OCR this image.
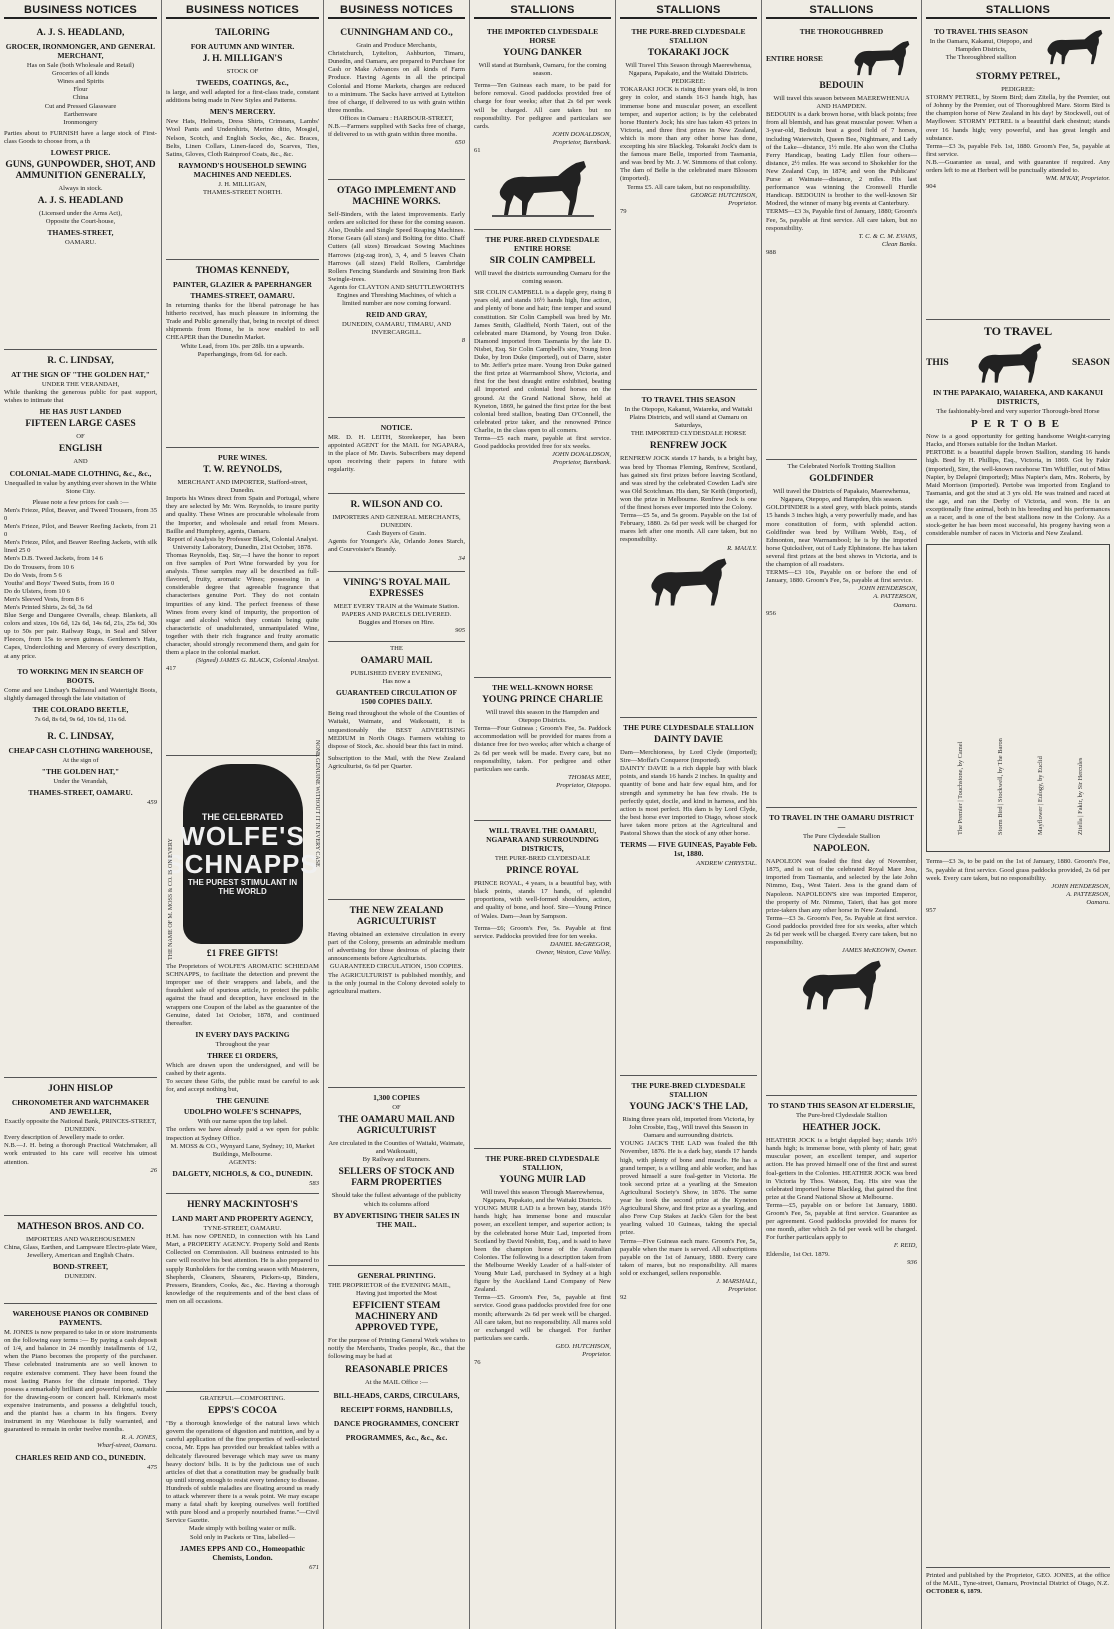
BUSINESS NOTICES
A. J. S. HEADLAND,
GROCER, IRONMONGER, AND GENERAL MERCHANT,
Has on Sale (both Wholesale and Retail)
Groceries of all kinds
Wines and Spirits
Flour
China
Cut and Pressed Glassware
Earthenware
Ironmongery
Parties about to FURNISH have a large stock of First-class Goods to choose from, a th
LOWEST PRICE.
GUNS, GUNPOWDER, SHOT, AND AMMUNITION GENERALLY,
Always in stock.
A. J. S. HEADLAND
(Licensed under the Arms Act),
Opposite the Court-house,
THAMES-STREET,
OAMARU.
R. C. LINDSAY,
AT THE SIGN OF "THE GOLDEN HAT,"
UNDER THE VERANDAH,
While thanking the generous public for past support, wishes to intimate that
HE HAS JUST LANDED
FIFTEEN LARGE CASES
OF
ENGLISH
AND
COLONIAL-MADE CLOTHING, &c., &c.,
Unequalled in value by anything ever shown in the White Stone City.
Please note a few prices for cash :—
Men's Frieze, Pilot, Beaver, and Tweed Trousers, from 35 0
Men's Frieze, Pilot, and Beaver Reefing Jackets, from 21 0
Men's Frieze, Pilot, and Beaver Reefing Jackets, with silk lined 25 0
Men's D.B. Tweed Jackets, from 14 6
Do do Trousers, from 10 6
Do do Vests, from 5 6
Youths' and Boys' Tweed Suits, from 16 0
Do do Ulsters, from 10 6
Men's Sleeved Vests, from 8 6
Men's Printed Shirts, 2s 6d, 3s 6d
Blue Serge and Dungaree Overalls, cheap. Blankets, all colors and sizes, 10s 6d, 12s 6d, 14s 6d, 21s, 25s 6d, 30s up to 50s per pair. Railway Rugs, in Seal and Silver Fleeces, from 15s to seven guineas. Gentlemen's Hats, Capes, Underclothing and Mercery of every description, at any price.
TO WORKING MEN IN SEARCH OF BOOTS.
Come and see Lindsay's Balmoral and Watertight Boots, slightly damaged through the late visitation of
THE COLORADO BEETLE,
7s 6d, 8s 6d, 9s 6d, 10s 6d, 11s 6d.
R. C. LINDSAY,
CHEAP CASH CLOTHING WAREHOUSE,
At the sign of
"THE GOLDEN HAT,"
Under the Verandah,
THAMES-STREET, OAMARU.
459
JOHN HISLOP
CHRONOMETER AND WATCHMAKER AND JEWELLER,
Exactly opposite the National Bank, PRINCES-STREET, DUNEDIN.
Every description of Jewellery made to order.
N.B.—J. H. being a thorough Practical Watchmaker, all work entrusted to his care will receive his utmost attention.
26
MATHESON BROS. AND CO.
IMPORTERS AND WAREHOUSEMEN
China, Glass, Earthen, and Lampware Electro-plate Ware, Jewellery, American and English Chairs.
BOND-STREET,
DUNEDIN.
WAREHOUSE PIANOS OR COMBINED PAYMENTS.
M. JONES is now prepared to take in or store instruments on the following easy terms :— By paying a cash deposit of 1/4, and balance in 24 monthly installments of 1/2, when the Piano becomes the property of the purchaser. These celebrated instruments are so well known to require extensive comment. They have been found the most lasting Pianos for the climate imported. They possess a remarkably brilliant and powerful tone, suitable for the drawing-room or concert hall. Kirkman's most expensive instruments, and possess a delightful touch, and the pianist has a charm in his fingers. Every instrument in my Warehouse is fully warranted, and guaranteed to remain in order twelve months.
R. A. JONES,
Wharf-street, Oamaru.
CHARLES REID AND CO., DUNEDIN.
475
BUSINESS NOTICES
TAILORING
FOR AUTUMN AND WINTER.
J. H. MILLIGAN'S
STOCK OF
TWEEDS, COATINGS, &c.,
is large, and well adapted for a first-class trade, constant additions being made in New Styles and Patterns.
MEN'S MERCERY.
New Hats, Helmets, Dress Shirts, Crimeans, Lambs' Wool Pants and Undershirts, Merino ditto, Mosgiel, Nelson, Scotch, and English Socks, &c., &c. Braces, Belts, Linen Collars, Linen-faced do, Scarves, Ties, Satins, Gloves, Cloth Rainproof Coats, &c., &c.
RAYMOND'S HOUSEHOLD SEWING MACHINES AND NEEDLES.
J. H. MILLIGAN,
THAMES-STREET NORTH.
THOMAS KENNEDY,
PAINTER, GLAZIER & PAPERHANGER
THAMES-STREET, OAMARU.
In returning thanks for the liberal patronage he has hitherto received, has much pleasure in informing the Trade and Public generally that, being in receipt of direct shipments from Home, he is now enabled to sell CHEAPER than the Dunedin Market.
White Lead, from 10s. per 28lb. tin a upwards.
Paperhangings, from 6d. for each.
PURE WINES.
T. W. REYNOLDS,
MERCHANT AND IMPORTER, Stafford-street, Dunedin.
Imports his Wines direct from Spain and Portugal, where they are selected by Mr. Wm. Reynolds, to insure purity and quality. These Wines are procurable wholesale from the Importer, and wholesale and retail from Messrs. Baillie and Humphrey, agents, Oamaru.
Report of Analysis by Professor Black, Colonial Analyst.
University Laboratory, Dunedin, 21st October, 1878.
Thomas Reynolds, Esq. Sir,—I have the honor to report on five samples of Port Wine forwarded by you for analysis. These samples may all be described as full-flavored, fruity, aromatic Wines; possessing in a considerable degree that agreeable fragrance that characterises genuine Port. They do not contain impurities of any kind. The perfect freeness of these Wines from every kind of impurity, the proportion of sugar and alcohol which they contain being quite characteristic of unadulterated, unmanipulated Wine, together with their rich fragrance and fruity aromatic character, should strongly recommend them, and gain for them a place in the colonial market.
(Signed) JAMES G. BLACK, Colonial Analyst.
417
THE CELEBRATED
WOLFE'S
SCHNAPPS
THE PUREST STIMULANT IN THE WORLD
£1 FREE GIFTS!
The Proprietors of WOLFE'S AROMATIC SCHIEDAM SCHNAPPS, to facilitate the detection and prevent the improper use of their wrappers and labels, and the fraudulent sale of spurious article, to protect the public against the fraud and deception, have enclosed in the wrappers one Coupon of the label as the guarantee of the Genuine, dated 1st October, 1878, and continued thereafter.
IN EVERY DAYS PACKING
Throughout the year
THREE £1 ORDERS,
Which are drawn upon the undersigned, and will be cashed by their agents.
To secure these Gifts, the public must be careful to ask for, and accept nothing but,
THE GENUINE
UDOLPHO WOLFE'S SCHNAPPS,
With our name upon the top label.
The orders we have already paid a we open for public inspection at Sydney Office.
M. MOSS & CO., Wynyard Lane, Sydney; 10, Market Buildings, Melbourne.
AGENTS:
DALGETY, NICHOLS, & CO., DUNEDIN.
583
HENRY MACKINTOSH'S
LAND MART AND PROPERTY AGENCY,
TYNE-STREET, OAMARU.
H.M. has now OPENED, in connection with his Land Mart, a PROPERTY AGENCY. Property Sold and Rents Collected on Commission. All business entrusted to his care will receive his best attention. He is also prepared to supply Runholders for the coming season with Musterers, Shepherds, Cleaners, Shearers, Pickers-up, Binders, Pressers, Branders, Cooks, &c., &c. Having a thorough knowledge of the requirements and of the best class of men on all occasions.
GRATEFUL—COMFORTING.
EPPS'S COCOA
"By a thorough knowledge of the natural laws which govern the operations of digestion and nutrition, and by a careful application of the fine properties of well-selected cocoa, Mr. Epps has provided our breakfast tables with a delicately flavoured beverage which may save us many heavy doctors' bills. It is by the judicious use of such articles of diet that a constitution may be gradually built up until strong enough to resist every tendency to disease. Hundreds of subtle maladies are floating around us ready to attack wherever there is a weak point. We may escape many a fatal shaft by keeping ourselves well fortified with pure blood and a properly nourished frame."—Civil Service Gazette.
Made simply with boiling water or milk.
Sold only in Packets or Tins, labelled—
JAMES EPPS AND CO., Homeopathic Chemists, London.
671
BUSINESS NOTICES
CUNNINGHAM AND CO.,
Grain and Produce Merchants,
Christchurch, Lyttelton, Ashburton, Timaru, Dunedin, and Oamaru, are prepared to Purchase for Cash or Make Advances on all kinds of Farm Produce. Having Agents in all the principal Colonial and Home Markets, charges are reduced to a minimum. The Sacks have arrived at Lyttelton free of charge, if delivered to us with grain within three months.
Offices in Oamaru : HARBOUR-STREET,
N.B.—Farmers supplied with Sacks free of charge, if delivered to us with grain within three months.
650
OTAGO IMPLEMENT AND MACHINE WORKS.
Self-Binders, with the latest improvements. Early orders are solicited for these for the coming season. Also, Double and Single Speed Reaping Machines. Horse Gears (all sizes) and Bolting for ditto. Chaff Cutters (all sizes) Broadcast Sowing Machines Harrows (zig-zag iron), 3, 4, and 5 leaves Chain Harrows (all sizes) Field Rollers, Cambridge Rollers Fencing Standards and Straining Iron Bark Swingle-trees.
Agents for CLAYTON AND SHUTTLEWORTH'S Engines and Threshing Machines, of which a limited number are now coming forward.
REID AND GRAY,
DUNEDIN, OAMARU, TIMARU, AND INVERCARGILL.
8
NOTICE.
MR. D. H. LEITH, Storekeeper, has been appointed AGENT for the MAIL for NGAPARA, in the place of Mr. Davis. Subscribers may depend upon receiving their papers in future with regularity.
R. WILSON AND CO.
IMPORTERS AND GENERAL MERCHANTS, DUNEDIN.
Cash Buyers of Grain.
Agents for Younger's Ale, Orlando Jones Starch, and Courvoisier's Brandy.
34
VINING'S ROYAL MAIL EXPRESSES
MEET EVERY TRAIN at the Waimate Station.
PAPERS AND PARCELS DELIVERED.
Buggies and Horses on Hire.
905
THE
OAMARU MAIL
PUBLISHED EVERY EVENING,
Has now a
GUARANTEED CIRCULATION OF 1500 COPIES DAILY.
Being read throughout the whole of the Counties of Waitaki, Waimate, and Waikouaiti, it is unquestionably the BEST ADVERTISING MEDIUM in North Otago. Farmers wishing to dispose of Stock, &c. should bear this fact in mind.
Subscription to the Mail, with the New Zealand Agriculturist, 6s 6d per Quarter.
THE NEW ZEALAND AGRICULTURIST
Having obtained an extensive circulation in every part of the Colony, presents an admirable medium of advertising for those desirous of placing their announcements before Agriculturists.
GUARANTEED CIRCULATION, 1500 COPIES.
The AGRICULTURIST is published monthly, and is the only journal in the Colony devoted solely to agricultural matters.
1,300 COPIES
OF
THE OAMARU MAIL AND AGRICULTURIST
Are circulated in the Counties of Waitaki, Waimate, and Waikouaiti,
By Railway and Runners.
SELLERS OF STOCK AND FARM PROPERTIES
Should take the fullest advantage of the publicity which its columns afford
BY ADVERTISING THEIR SALES IN THE MAIL.
GENERAL PRINTING.
THE PROPRIETOR of the EVENING MAIL,
Having just imported the Most
EFFICIENT STEAM MACHINERY AND APPROVED TYPE,
For the purpose of Printing General Work wishes to notify the Merchants, Trades people, &c., that the following may be had at
REASONABLE PRICES
At the MAIL Office :—
BILL-HEADS, CARDS, CIRCULARS, RECEIPT FORMS, HANDBILLS, DANCE PROGRAMMES, CONCERT PROGRAMMES, &c., &c., &c.
STALLIONS
THE IMPORTED CLYDESDALE HORSE
YOUNG DANKER
Will stand at Burnbank, Oamaru, for the coming season.
Terms—Ten Guineas each mare, to be paid for before removal. Good paddocks provided free of charge for four weeks; after that 2s 6d per week will be charged. All care taken but no responsibility. For pedigree and particulars see cards.
JOHN DONALDSON,
Proprietor, Burnbank.
61
THE PURE-BRED CLYDESDALE ENTIRE HORSE
SIR COLIN CAMPBELL
Will travel the districts surrounding Oamaru for the coming season.
SIR COLIN CAMPBELL is a dapple grey, rising 8 years old, and stands 16½ hands high, fine action, and plenty of bone and hair; fine temper and sound constitution. Sir Colin Campbell was bred by Mr. James Smith, Gladfield, North Taieri, out of the celebrated mare Diamond, by Young Iron Duke. Diamond imported from Tasmania by the late D. Nisbet, Esq. Sir Colin Campbell's sire, Young Iron Duke, by Iron Duke (imported), out of Darre, sister to Mr. Jeffer's prize mare. Young Iron Duke gained the first prize at Warrnambool Show, Victoria, and first for the best draught entire exhibited, beating all imported and colonial bred horses on the ground. At the Grand National Show, held at Kyneton, 1869, he gained the first prize for the best colonial bred stallion, beating Dan O'Connell, the celebrated prize taker, and the renowned Prince Charlie, in the class open to all comers.
Terms—£5 each mare, payable at first service. Good paddocks provided free for six weeks.
JOHN DONALDSON,
Proprietor, Burnbank.
THE WELL-KNOWN HORSE
YOUNG PRINCE CHARLIE
Will travel this season in the Hampden and Otepopo Districts.
Terms—Four Guineas ; Groom's Fee, 5s. Paddock accommodation will be provided for mares from a distance free for two weeks; after which a charge of 2s 6d per week will be made. Every care, but no responsibility, taken. For pedigree and other particulars see cards.
THOMAS MEE,
Proprietor, Otepopo.
WILL TRAVEL THE OAMARU, NGAPARA AND SURROUNDING DISTRICTS,
THE PURE-BRED CLYDESDALE
PRINCE ROYAL
PRINCE ROYAL, 4 years, is a beautiful bay, with black points, stands 17 hands, of splendid proportions, with well-formed shoulders, action, and quality of bone, and hoof. Sire—Young Prince of Wales. Dam—Jean by Sampson.
Terms—£6; Groom's Fee, 5s. Payable at first service. Paddocks provided free for ten weeks.
DANIEL McGREGOR,
Owner, Weston, Cave Valley.
THE PURE-BRED CLYDESDALE STALLION,
YOUNG MUIR LAD
Will travel this season Through Maerewhenua, Ngapara, Papakaio, and the Waitaki Districts.
YOUNG MUIR LAD is a brown bay, stands 16½ hands high; has immense bone and muscular power, an excellent temper, and superior action; is by the celebrated horse Muir Lad, imported from Scotland by David Nesbitt, Esq., and is said to have been the champion horse of the Australian Colonies. The following is a description taken from the Melbourne Weekly Leader of a half-sister of Young Muir Lad, purchased in Sydney at a high figure by the Auckland Land Company of New Zealand.
Terms—£5. Groom's Fee, 5s, payable at first service. Good grass paddocks provided free for one month; afterwards 2s 6d per week will be charged. All care taken, but no responsibility. All mares sold or exchanged will be charged. For further particulars see cards.
GEO. HUTCHISON,
Proprietor.
76
STALLIONS
THE PURE-BRED CLYDESDALE STALLION
TOKARAKI JOCK
Will Travel This Season through Maerewhenua, Ngapara, Papakaio, and the Waitaki Districts.
PEDIGREE:
TOKARAKI JOCK is rising three years old, is iron grey in color, and stands 16-3 hands high, has immense bone and muscular power, an excellent temper, and superior action; is by the celebrated horse Hunter's Jock; his sire has taken 43 prizes in Victoria, and three first prizes in New Zealand, which is more than any other horse has done, excepting his sire Blackleg. Tokaraki Jock's dam is the famous mare Belle, imported from Tasmania, and was bred by Mr. J. W. Simmons of that colony. The dam of Belle is the celebrated mare Blossom (imported).
Terms £5. All care taken, but no responsibility.
GEORGE HUTCHISON,
Proprietor.
79
TO TRAVEL THIS SEASON
In the Otepopo, Kakanui, Waiareka, and Waitaki Plains Districts, and will stand at Oamaru on Saturdays,
THE IMPORTED CLYDESDALE HORSE
RENFREW JOCK
RENFREW JOCK stands 17 hands, is a bright bay, was bred by Thomas Fleming, Renfrew, Scotland, has gained six first prizes before leaving Scotland, and was sired by the celebrated Cowden Lad's sire was Old Scotchman. His dam, Sir Keith (imported), won the prize in Melbourne. Renfrew Jock is one of the finest horses ever imported into the Colony.
Terms—£5 5s, and 5s groom. Payable on the 1st of February, 1880. 2s 6d per week will be charged for mares left after one month. All care taken, but no responsibility.
R. MAULY.
THE PURE CLYDESDALE STALLION
DAINTY DAVIE
Dam—Merchioness, by Lord Clyde (imported); Sire—Moffat's Conqueror (imported).
DAINTY DAVIE is a rich dapple bay with black points, and stands 16 hands 2 inches. In quality and quantity of bone and hair few equal him, and for strength and symmetry he has few rivals. He is perfectly quiet, docile, and kind in harness, and his action is most perfect. His dam is by Lord Clyde, the best horse ever imported to Otago, whose stock have taken more prizes at the Agricultural and Pastoral Shows than the stock of any other horse.
TERMS — FIVE GUINEAS, Payable Feb. 1st, 1880.
ANDREW CHRYSTAL.
THE PURE-BRED CLYDESDALE STALLION
YOUNG JACK'S THE LAD,
Rising three years old, imported from Victoria, by John Crosbie, Esq., Will travel this Season in Oamaru and surrounding districts.
YOUNG JACK'S THE LAD was foaled the 8th November, 1876. He is a dark bay, stands 17 hands high, with plenty of bone and muscle. He has a grand temper, is a willing and able worker, and has proved himself a sure foal-getter in Victoria. He took second prize at a yearling at the Smeaton Agricultural Society's Show, in 1876. The same year he took the second prize at the Kyneton Agricultural Show, and first prize as a yearling, and also Frew Cup Stakes at Jack's Glen for the best yearling valued 10 Guineas, taking the special prize.
Terms—Five Guineas each mare. Groom's Fee, 5s, payable when the mare is served. All subscriptions payable on the 1st of January, 1880. Every care taken of mares, but no responsibility. All mares sold or exchanged, sellers responsible.
J. MARSHALL,
Proprietor.
92
STALLIONS
THE THOROUGHBRED
ENTIRE HORSE
BEDOUIN
Will travel this season between MAEREWHENUA AND HAMPDEN.
BEDOUIN is a dark brown horse, with black points; free from all blemish, and has great muscular power. When a 3-year-old, Bedouin beat a good field of 7 horses, including Waterwitch, Queen Bee, Nightmare, and Lady of the Lake—distance, 1½ mile. He also won the Clutha Ferry Handicap, beating Lady Ellen four others—distance, 2½ miles. He was second to Shokehler for the New Zealand Cup, in 1874; and won the Publicans' Purse at Waimate—distance, 2 miles. His last performance was winning the Cromwell Hurdle Handicap. BEDOUIN is brother to the well-known Sir Modred, the winner of many big events at Canterbury.
TERMS—£3 3s, Payable first of January, 1880; Groom's Fee, 5s, payable at first service. All care taken, but no responsibility.
T. C. & C. M. EVANS,
Clean Banks.
988
The Celebrated Norfolk Trotting Stallion
GOLDFINDER
Will travel the Districts of Papakaio, Maerewhenua, Ngapara, Otepopo, and Hampden, this season.
GOLDFINDER is a steel grey, with black points, stands 15 hands 3 inches high, a very powerfully made, and has more constitution of form, with splendid action. Goldfinder was bred by William Webb, Esq., of Edmonton, near Warrnambool; he is by the imported horse Quicksilver, out of Lady Elphinstone. He has taken several first prizes at the best shows in Victoria, and is the champion of all roadsters.
TERMS—£3 10s, Payable on or before the end of January, 1880. Groom's Fee, 5s, payable at first service.
JOHN HENDERSON,
A. PATTERSON,
Oamaru.
956
TO TRAVEL IN THE OAMARU DISTRICT—
The Pure Clydesdale Stallion
NAPOLEON.
NAPOLEON was foaled the first day of November, 1875, and is out of the celebrated Royal Mare Jess, imported from Tasmania, and selected by the late John Nimmo, Esq., West Taieri. Jess is the grand dam of Napoleon. NAPOLEON'S sire was imported Emperor, the property of Mr. Nimmo, Taieri, that has got more prize-takers than any other horse in New Zealand.
Terms—£3 3s. Groom's Fee, 5s. Payable at first service. Good paddocks provided free for six weeks, after which 2s 6d per week will be charged. Every care taken, but no responsibility.
JAMES McKEOWN, Owner.
TO STAND THIS SEASON AT ELDERSLIE,
The Pure-bred Clydesdale Stallion
HEATHER JOCK.
HEATHER JOCK is a bright dappled bay; stands 16½ hands high; is immense bone, with plenty of hair; great muscular power, an excellent temper, and superior action. He has proved himself one of the first and surest foal-getters in the Colonies. HEATHER JOCK was bred in Victoria by Thos. Watson, Esq. His sire was the celebrated imported horse Blackleg, that gained the first prize at the Grand National Show at Melbourne.
Terms—£5, payable on or before 1st January, 1880. Groom's Fee, 5s, payable at first service. Guarantee as per agreement. Good paddocks provided for mares for one month, after which 2s 6d per week will be charged. For further particulars apply to
F. REID,
Elderslie, 1st Oct. 1879.
936
STALLIONS
TO TRAVEL THIS SEASON
In the Oamaru, Kakanui, Otepopo, and Hampden Districts,
The Thoroughbred stallion
STORMY PETREL,
PEDIGREE:
STORMY PETREL, by Storm Bird; dam Zitella, by the Premier, out of Johnny by the Premier, out of Thoroughbred Mare. Storm Bird is the champion horse of New Zealand in his day! by Stockwell, out of Mayflower. STORMY PETREL is a beautiful dark chestnut; stands over 16 hands high; very powerful, and has great length and substance.
Terms—£3 3s, payable Feb. 1st, 1880. Groom's Fee, 5s, payable at first service.
N.B.—Guarantee as usual, and with guarantee if required. Any orders left to me at Herbert will be punctually attended to.
WM. M'KAY, Proprietor.
904
TO TRAVEL
THIS	SEASON
IN THE PAPAKAIO, WAIAREKA, AND KAKANUI DISTRICTS,
The fashionably-bred and very superior Thorough-bred Horse
PERTOBE
Now is a good opportunity for getting handsome Weight-carrying Hacks, and Horses suitable for the Indian Market.
PERTOBE is a beautiful dapple brown Stallion, standing 16 hands high. Bred by H. Phillips, Esq., Victoria, in 1869. Got by Fakir (imported), Sire, the well-known racehorse Tim Whiffler, out of Miss Napier, by Delapré (imported); Miss Napier's dam, Mrs. Roberts, by Maid Morrison (imported). Pertobe was imported from England to Tasmania, and got the stud at 3 yrs old. He was trained and raced at the age, and ran the Derby of Victoria, and won. He is an exceptionally fine animal, both in his breeding and his performances as a racer, and is one of the best stallions now in the Colony. As a stock-getter he has been most successful, his progeny having won a considerable number of races in Victoria and New Zealand.
The Premier | Touchstone, by Camel	Storm Bird | Stockwell, by The Baron	Mayflower | Eulogy, by Euclid	Zitella | Fakir, by Sir Hercules
Terms—£3 3s, to be paid on the 1st of January, 1880. Groom's Fee, 5s, payable at first service. Good grass paddocks provided, 2s 6d per week. Every care taken, but no responsibility.
JOHN HENDERSON,
A. PATTERSON,
Oamaru.
957
Printed and published by the Proprietor, GEO. JONES, at the office of the MAIL, Tyne-street, Oamaru, Provincial District of Otago, N.Z.
OCTOBER 6, 1879.
THE NAME OF M. MOSS & CO. IS ON EVERY
NONE GENUINE WITHOUT IT IN EVERY CASE
